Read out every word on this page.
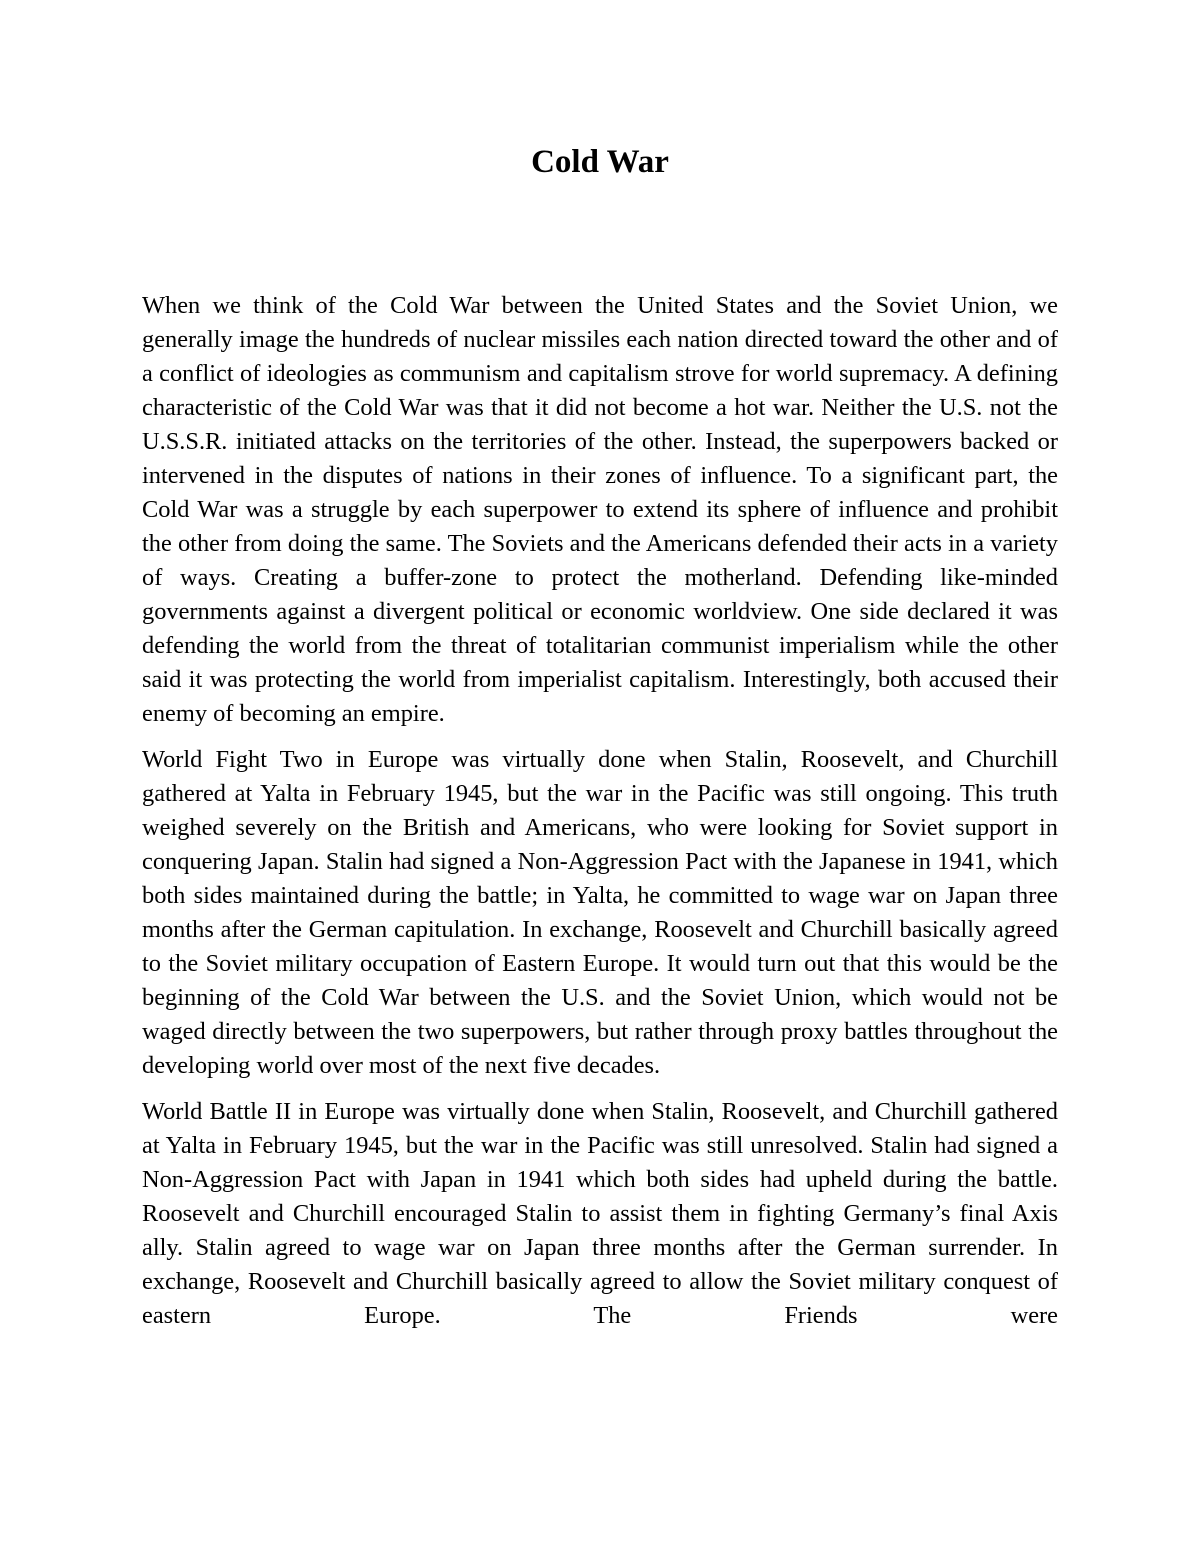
Cold War

When we think of the Cold War between the United States and the Soviet Union, we generally image the hundreds of nuclear missiles each nation directed toward the other and of a conflict of ideologies as communism and capitalism strove for world supremacy. A defining characteristic of the Cold War was that it did not become a hot war. Neither the U.S. not the U.S.S.R. initiated attacks on the territories of the other. Instead, the superpowers backed or intervened in the disputes of nations in their zones of influence. To a significant part, the Cold War was a struggle by each superpower to extend its sphere of influence and prohibit the other from doing the same. The Soviets and the Americans defended their acts in a variety of ways. Creating a buffer-zone to protect the motherland. Defending like-minded governments against a divergent political or economic worldview. One side declared it was defending the world from the threat of totalitarian communist imperialism while the other said it was protecting the world from imperialist capitalism. Interestingly, both accused their enemy of becoming an empire.

World Fight Two in Europe was virtually done when Stalin, Roosevelt, and Churchill gathered at Yalta in February 1945, but the war in the Pacific was still ongoing. This truth weighed severely on the British and Americans, who were looking for Soviet support in conquering Japan. Stalin had signed a Non-Aggression Pact with the Japanese in 1941, which both sides maintained during the battle; in Yalta, he committed to wage war on Japan three months after the German capitulation. In exchange, Roosevelt and Churchill basically agreed to the Soviet military occupation of Eastern Europe. It would turn out that this would be the beginning of the Cold War between the U.S. and the Soviet Union, which would not be waged directly between the two superpowers, but rather through proxy battles throughout the developing world over most of the next five decades.

World Battle II in Europe was virtually done when Stalin, Roosevelt, and Churchill gathered at Yalta in February 1945, but the war in the Pacific was still unresolved. Stalin had signed a Non-Aggression Pact with Japan in 1941 which both sides had upheld during the battle. Roosevelt and Churchill encouraged Stalin to assist them in fighting Germany’s final Axis ally. Stalin agreed to wage war on Japan three months after the German surrender. In exchange, Roosevelt and Churchill basically agreed to allow the Soviet military conquest of eastern Europe. The Friends were
